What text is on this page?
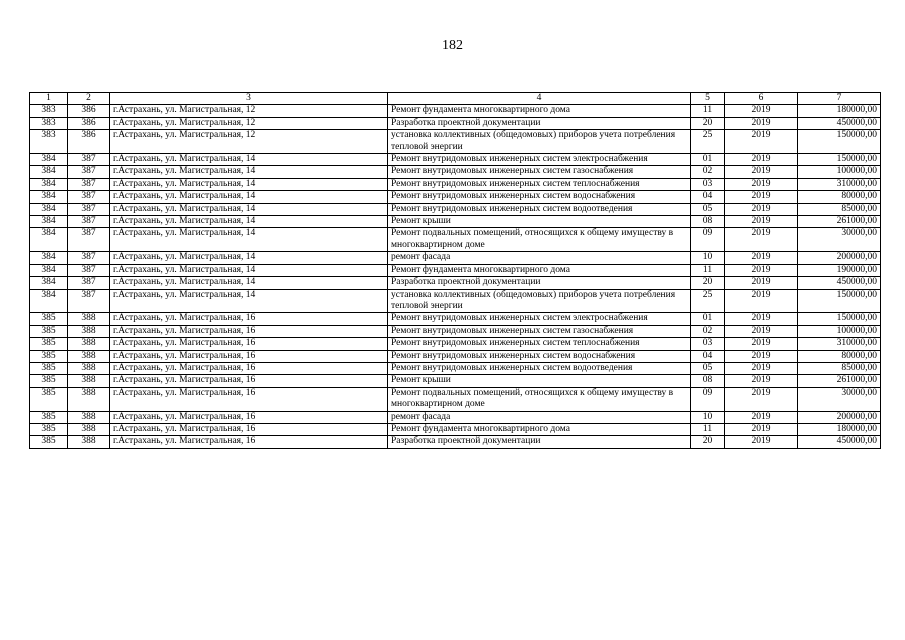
182
1	2	3	4	5	6	7
383	386	г.Астрахань, ул. Магистральная, 12	Ремонт фундамента многоквартирного дома	11	2019	180000,00
383	386	г.Астрахань, ул. Магистральная, 12	Разработка проектной документации	20	2019	450000,00
383	386	г.Астрахань, ул. Магистральная, 12	установка коллективных (общедомовых) приборов учета потребления тепловой энергии	25	2019	150000,00
384	387	г.Астрахань, ул. Магистральная, 14	Ремонт внутридомовых инженерных систем электроснабжения	01	2019	150000,00
384	387	г.Астрахань, ул. Магистральная, 14	Ремонт внутридомовых инженерных систем газоснабжения	02	2019	100000,00
384	387	г.Астрахань, ул. Магистральная, 14	Ремонт внутридомовых инженерных систем теплоснабжения	03	2019	310000,00
384	387	г.Астрахань, ул. Магистральная, 14	Ремонт внутридомовых инженерных систем водоснабжения	04	2019	80000,00
384	387	г.Астрахань, ул. Магистральная, 14	Ремонт внутридомовых инженерных систем водоотведения	05	2019	85000,00
384	387	г.Астрахань, ул. Магистральная, 14	Ремонт крыши	08	2019	261000,00
384	387	г.Астрахань, ул. Магистральная, 14	Ремонт подвальных помещений, относящихся к общему имуществу в многоквартирном доме	09	2019	30000,00
384	387	г.Астрахань, ул. Магистральная, 14	ремонт фасада	10	2019	200000,00
384	387	г.Астрахань, ул. Магистральная, 14	Ремонт фундамента многоквартирного дома	11	2019	190000,00
384	387	г.Астрахань, ул. Магистральная, 14	Разработка проектной документации	20	2019	450000,00
384	387	г.Астрахань, ул. Магистральная, 14	установка коллективных (общедомовых) приборов учета потребления тепловой энергии	25	2019	150000,00
385	388	г.Астрахань, ул. Магистральная, 16	Ремонт внутридомовых инженерных систем электроснабжения	01	2019	150000,00
385	388	г.Астрахань, ул. Магистральная, 16	Ремонт внутридомовых инженерных систем газоснабжения	02	2019	100000,00
385	388	г.Астрахань, ул. Магистральная, 16	Ремонт внутридомовых инженерных систем теплоснабжения	03	2019	310000,00
385	388	г.Астрахань, ул. Магистральная, 16	Ремонт внутридомовых инженерных систем водоснабжения	04	2019	80000,00
385	388	г.Астрахань, ул. Магистральная, 16	Ремонт внутридомовых инженерных систем водоотведения	05	2019	85000,00
385	388	г.Астрахань, ул. Магистральная, 16	Ремонт крыши	08	2019	261000,00
385	388	г.Астрахань, ул. Магистральная, 16	Ремонт подвальных помещений, относящихся к общему имуществу в многоквартирном доме	09	2019	30000,00
385	388	г.Астрахань, ул. Магистральная, 16	ремонт фасада	10	2019	200000,00
385	388	г.Астрахань, ул. Магистральная, 16	Ремонт фундамента многоквартирного дома	11	2019	180000,00
385	388	г.Астрахань, ул. Магистральная, 16	Разработка проектной документации	20	2019	450000,00
